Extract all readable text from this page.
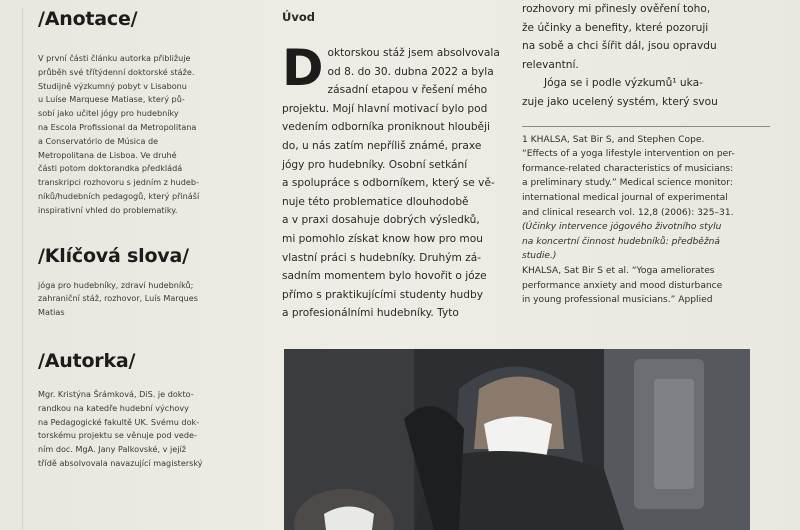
/Anotace/

V první části článku autorka přibližuje

průběh své třítýdenní doktorské stáže.

Studijně výzkumný pobyt v Lisabonu

u Luíse Marquese Matiase, který pů-

sobí jako učitel jógy pro hudebníky

na Escola Profissional da Metropolitana

a Conservatório de Música de

Metropolitana de Lisboa. Ve druhé

části potom doktorandka předkládá

transkripci rozhovoru s jedním z hudeb-

níků/hudebních pedagogů, který přináší

inspirativní vhled do problematiky.

/Klíčová slova/

jóga pro hudebníky, zdraví hudebníků;

zahraniční stáž, rozhovor, Luís Marques

Matias

/Autorka/

Mgr. Kristýna Šrámková, DiS. je dokto-

randkou na katedře hudební výchovy

na Pedagogické fakultě UK. Svému dok-

torskému projektu se věnuje pod vede-

ním doc. MgA. Jany Palkovské, v jejíž

třídě absolvovala navazující magisterský

Úvod
D oktorskou stáž jsem absolvovala

od 8. do 30. dubna 2022 a byla

zásadní etapou v řešení mého

projektu. Mojí hlavní motivací bylo pod

vedením odborníka proniknout hlouběji

do, u nás zatím nepříliš známé, praxe

jógy pro hudebníky. Osobní setkání

a spolupráce s odborníkem, který se vě-

nuje této problematice dlouhodobě

a v praxi dosahuje dobrých výsledků,

mi pomohlo získat know how pro mou

vlastní práci s hudebníky. Druhým zá-

sadním momentem bylo hovořit o józe

přímo s praktikujícími studenty hudby

a profesionálními hudebníky. Tyto

rozhovory mi přinesly ověření toho,

že účinky a benefity, které pozoruji

na sobě a chci šířit dál, jsou opravdu

relevantní.

Jóga se i podle výzkumů¹ uka-

zuje jako ucelený systém, který svou

1 KHALSA, Sat Bir S, and Stephen Cope.

“Effects of a yoga lifestyle intervention on per-

formance-related characteristics of musicians:

a preliminary study.” Medical science monitor:

international medical journal of experimental

and clinical research vol. 12,8 (2006): 325–31.

(Účinky intervence jógového životního stylu

na koncertní činnost hudebníků: předběžná

studie.)

KHALSA, Sat Bir S et al. “Yoga ameliorates

performance anxiety and mood disturbance

in young professional musicians.” Applied
